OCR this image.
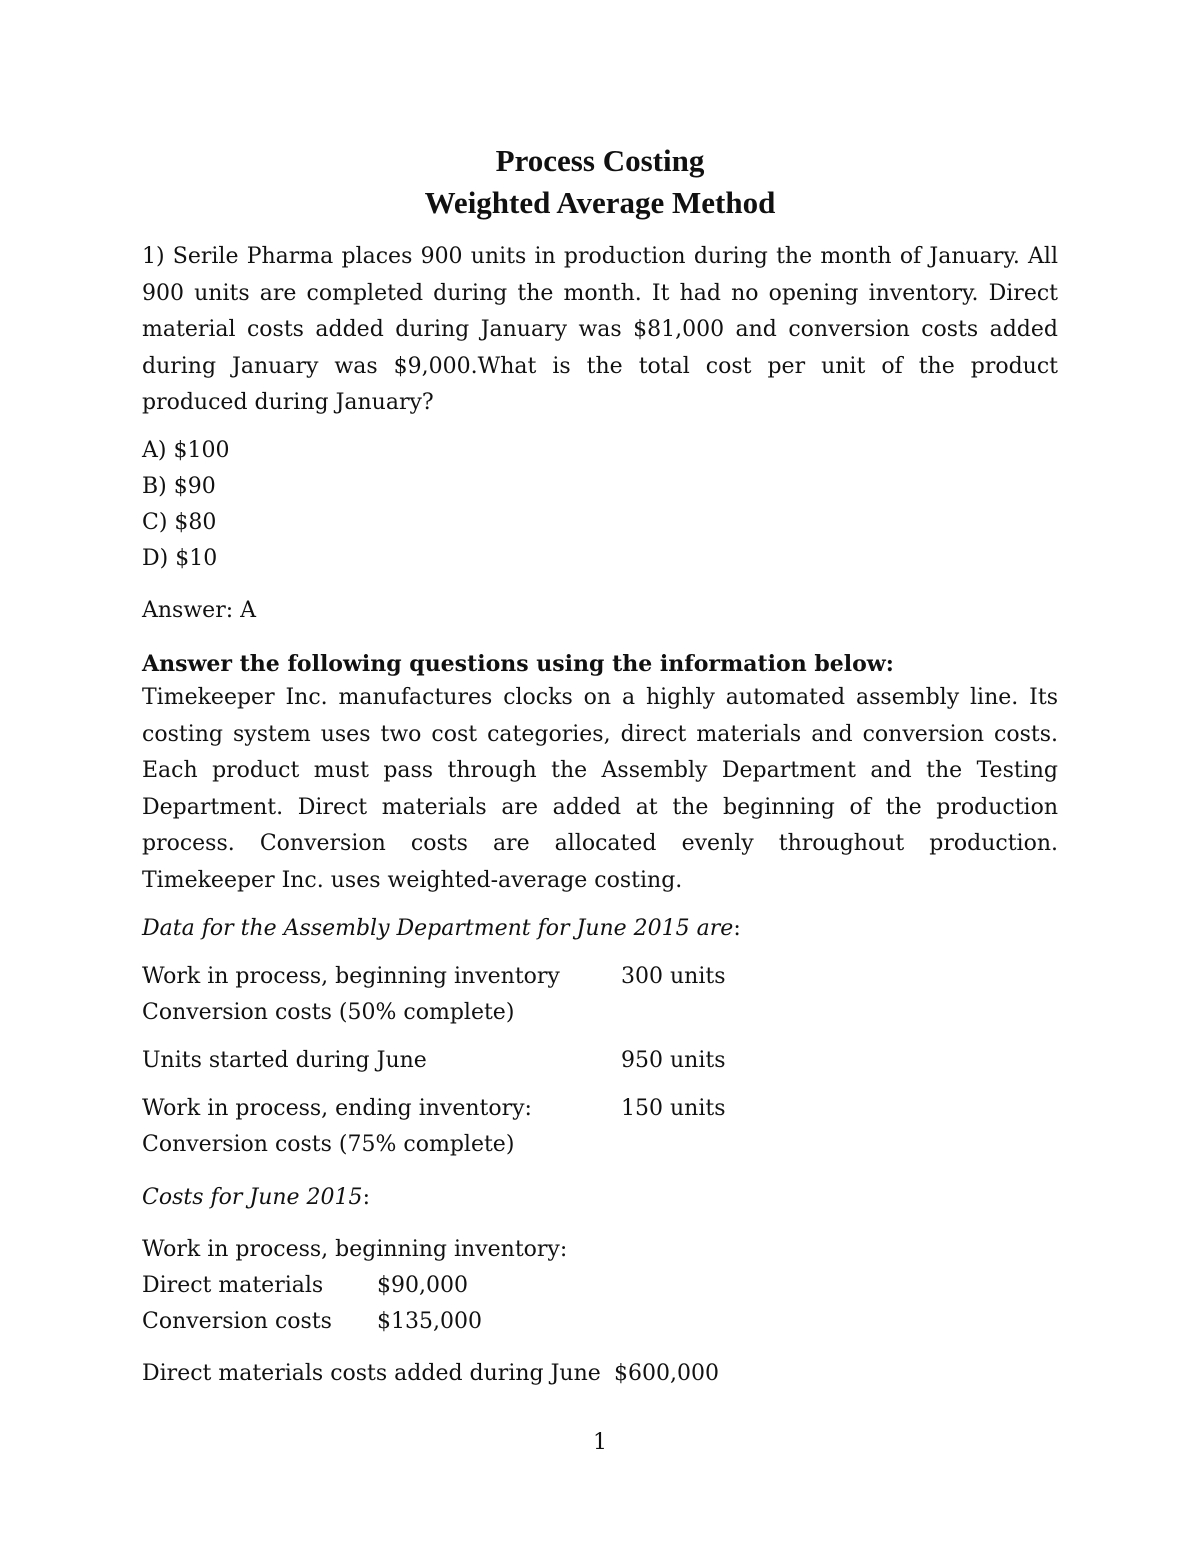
Process Costing
Weighted Average Method
1) Serile Pharma places 900 units in production during the month of January. All 900 units are completed during the month. It had no opening inventory. Direct material costs added during January was $81,000 and conversion costs added during January was $9,000.What is the total cost per unit of the product produced during January?
A) $100
B) $90
C) $80
D) $10
Answer: A
Answer the following questions using the information below:
Timekeeper Inc. manufactures clocks on a highly automated assembly line. Its costing system uses two cost categories, direct materials and conversion costs. Each product must pass through the Assembly Department and the Testing Department. Direct materials are added at the beginning of the production process. Conversion costs are allocated evenly throughout production. Timekeeper Inc. uses weighted-average costing.
Data for the Assembly Department for June 2015 are:
Work in process, beginning inventory	300 units
Conversion costs (50% complete)
Units started during June	950 units
Work in process, ending inventory:	150 units
Conversion costs (75% complete)
Costs for June 2015:
Work in process, beginning inventory:
Direct materials $90,000
Conversion costs $135,000
Direct materials costs added during June $600,000
1
